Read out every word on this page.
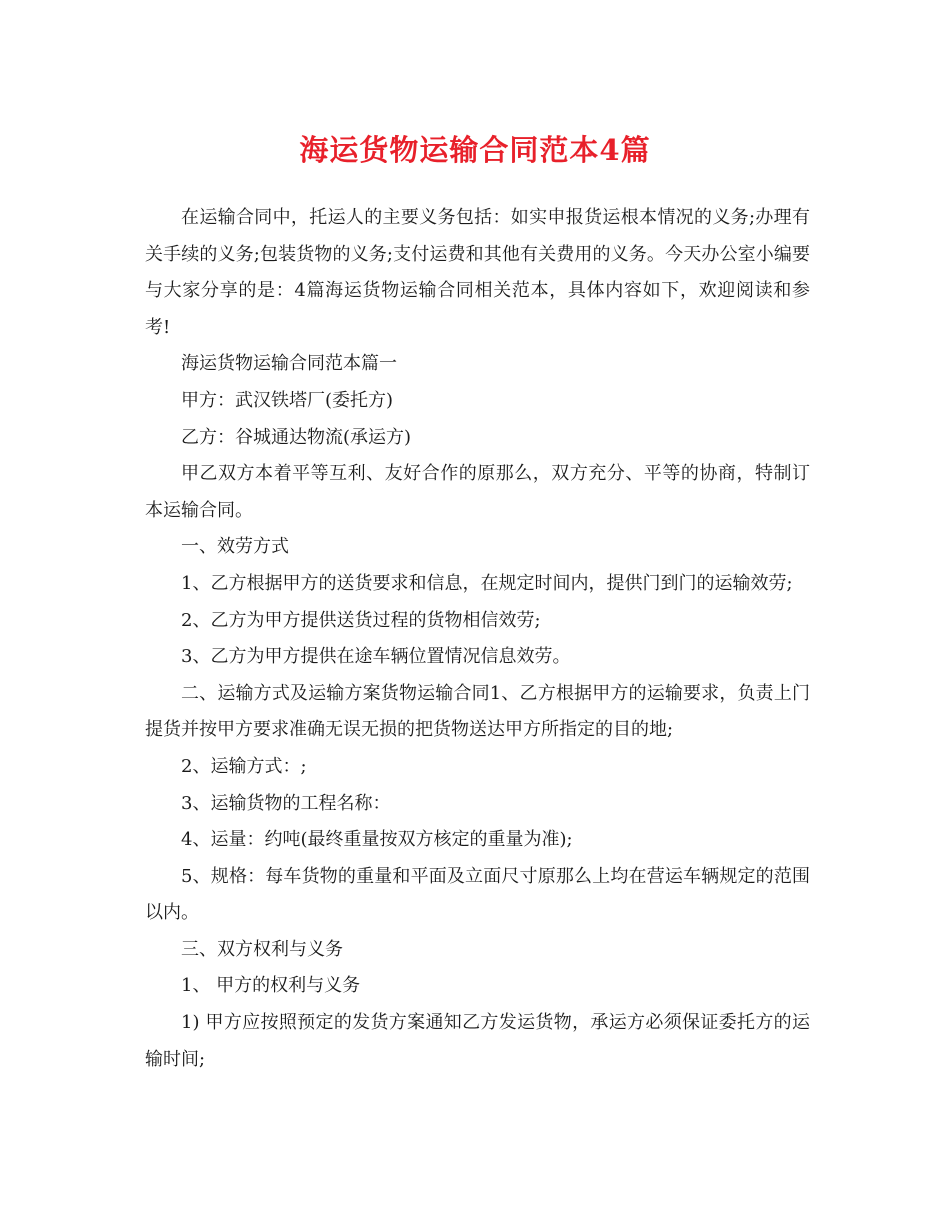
海运货物运输合同范本4篇

在运输合同中，托运人的主要义务包括：如实申报货运根本情况的义务;办理有关手续的义务;包装货物的义务;支付运费和其他有关费用的义务。今天办公室小编要与大家分享的是：4篇海运货物运输合同相关范本，具体内容如下，欢迎阅读和参考!

海运货物运输合同范本篇一

甲方：武汉铁塔厂(委托方)

乙方：谷城通达物流(承运方)

甲乙双方本着平等互利、友好合作的原那么，双方充分、平等的协商，特制订本运输合同。

一、效劳方式

1、乙方根据甲方的送货要求和信息，在规定时间内，提供门到门的运输效劳;

2、乙方为甲方提供送货过程的货物相信效劳;

3、乙方为甲方提供在途车辆位置情况信息效劳。

二、运输方式及运输方案货物运输合同1、乙方根据甲方的运输要求，负责上门提货并按甲方要求准确无误无损的把货物送达甲方所指定的目的地;

2、运输方式：;

3、运输货物的工程名称：

4、运量：约吨(最终重量按双方核定的重量为准);

5、规格：每车货物的重量和平面及立面尺寸原那么上均在营运车辆规定的范围以内。

三、双方权利与义务

1、 甲方的权利与义务

1) 甲方应按照预定的发货方案通知乙方发运货物，承运方必须保证委托方的运输时间;
